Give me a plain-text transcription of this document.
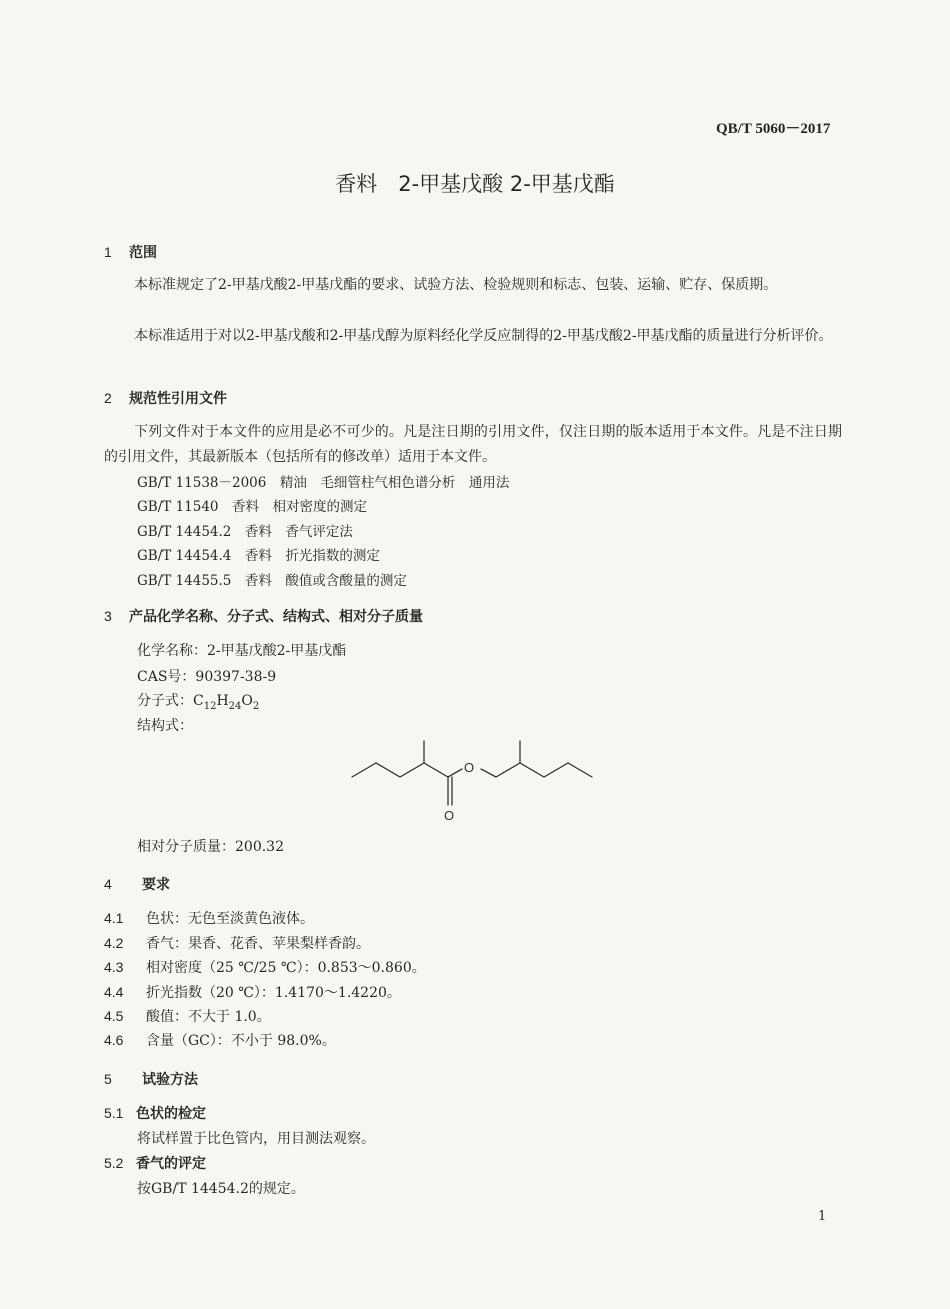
QB/T 5060－2017
香料　2-甲基戊酸 2-甲基戊酯
1 范围
本标准规定了2-甲基戊酸2-甲基戊酯的要求、试验方法、检验规则和标志、包装、运输、贮存、保质期。
本标准适用于对以2-甲基戊酸和2-甲基戊醇为原料经化学反应制得的2-甲基戊酸2-甲基戊酯的质量进行分析评价。
2 规范性引用文件
下列文件对于本文件的应用是必不可少的。凡是注日期的引用文件，仅注日期的版本适用于本文件。凡是不注日期的引用文件，其最新版本（包括所有的修改单）适用于本文件。
GB/T 11538－2006　精油　毛细管柱气相色谱分析　通用法
GB/T 11540　香料　相对密度的测定
GB/T 14454.2　香料　香气评定法
GB/T 14454.4　香料　折光指数的测定
GB/T 14455.5　香料　酸值或含酸量的测定
3 产品化学名称、分子式、结构式、相对分子质量
化学名称：2-甲基戊酸2-甲基戊酯
CAS号：90397-38-9
分子式：$C_{12}H_{24}O_2$
结构式：
O
O
相对分子质量：200.32
4 要求
4.1 色状：无色至淡黄色液体。
4.2 香气：果香、花香、苹果梨样香韵。
4.3 相对密度（25 ℃/25 ℃）：0.853～0.860。
4.4 折光指数（20 ℃）：1.4170～1.4220。
4.5 酸值：不大于 1.0。
4.6 含量（GC）：不小于 98.0%。
5 试验方法
5.1 色状的检定
将试样置于比色管内，用目测法观察。
5.2 香气的评定
按GB/T 14454.2的规定。
1
